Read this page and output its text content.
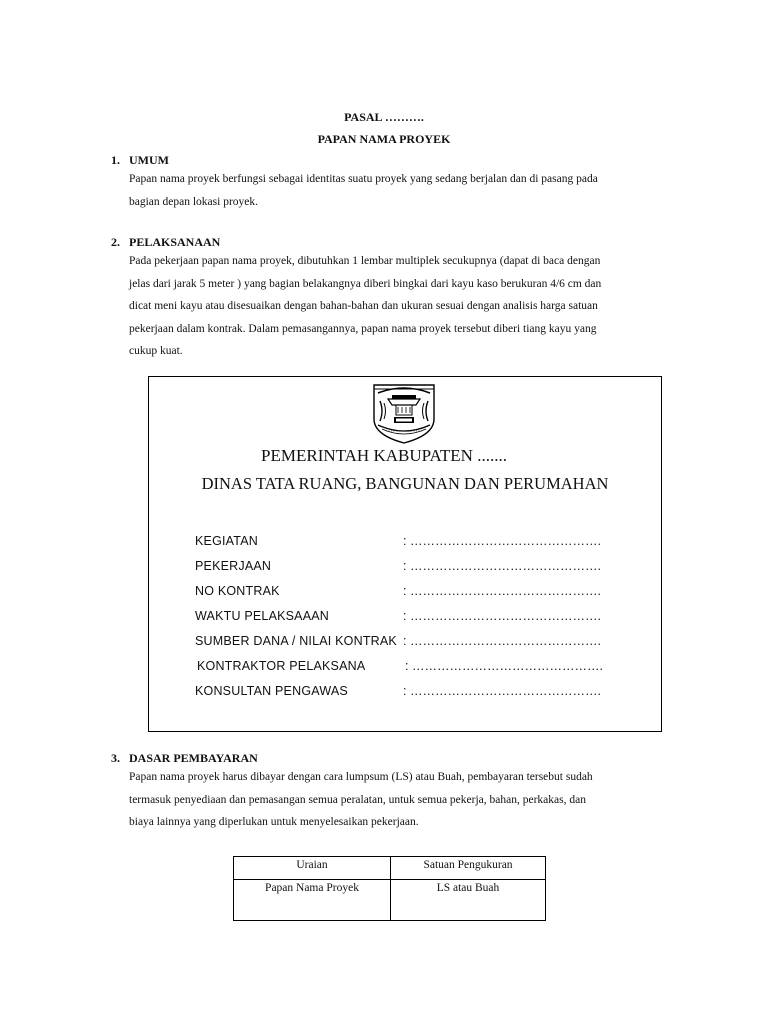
PASAL ……….
PAPAN NAMA PROYEK
1. UMUM
Papan nama proyek berfungsi sebagai identitas suatu proyek yang sedang berjalan dan di pasang pada
bagian depan lokasi proyek.
2. PELAKSANAAN
Pada pekerjaan papan nama proyek, dibutuhkan 1 lembar multiplek secukupnya (dapat di baca dengan
jelas dari jarak 5 meter ) yang bagian belakangnya diberi bingkai dari kayu kaso berukuran 4/6 cm dan
dicat meni kayu atau disesuaikan dengan bahan-bahan dan ukuran sesuai dengan analisis harga satuan
pekerjaan dalam kontrak. Dalam pemasangannya, papan nama proyek tersebut diberi tiang kayu yang
cukup kuat.
PEMERINTAH KABUPATEN .......
DINAS TATA RUANG, BANGUNAN DAN PERUMAHAN
KEGIATAN	: ……………………………………….
PEKERJAAN	: ……………………………………….
NO KONTRAK	: ……………………………………….
WAKTU PELAKSAAAN	: ……………………………………….
SUMBER DANA / NILAI KONTRAK : ……………………………………….
KONTRAKTOR PELAKSANA	: ……………………………………….
KONSULTAN PENGAWAS	: ……………………………………….
3. DASAR PEMBAYARAN
Papan nama proyek harus dibayar dengan cara lumpsum (LS) atau Buah, pembayaran tersebut sudah
termasuk penyediaan dan pemasangan semua peralatan, untuk semua pekerja, bahan, perkakas, dan
biaya lainnya yang diperlukan untuk menyelesaikan pekerjaan.
Uraian	Satuan Pengukuran
Papan Nama Proyek	LS atau Buah
